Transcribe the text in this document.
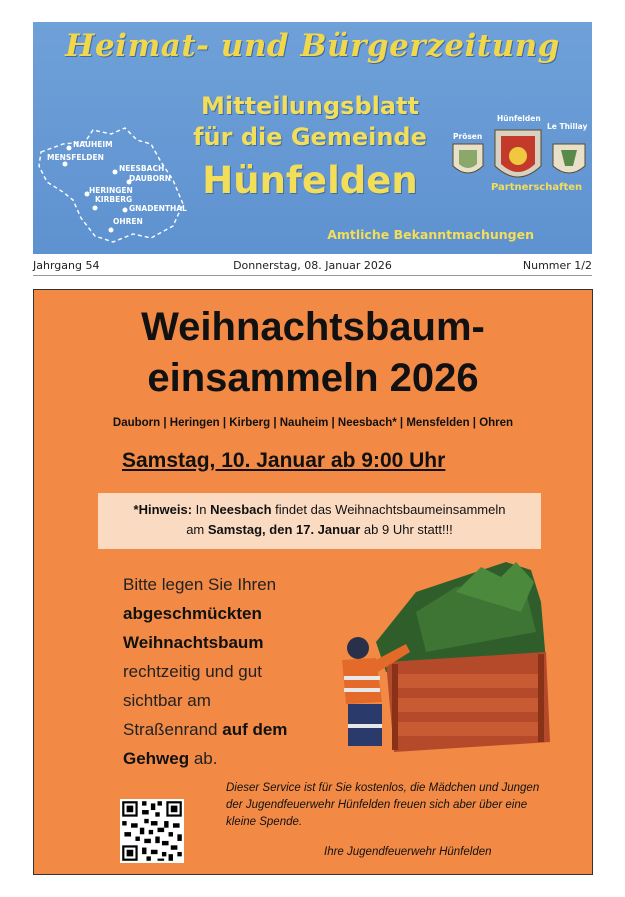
Heimat- und Bürgerzeitung
NAUHEIM
MENSFELDEN
NEESBACH
DAUBORN
HERINGEN
KIRBERG
GNADENTHAL
OHREN
Mitteilungsblatt
für die Gemeinde
Hünfelden
Prösen
Hünfelden
Le Thillay
Partnerschaften
Amtliche Bekanntmachungen
Donnerstag, 08. Januar 2026
Jahrgang 54	Nummer 1/2
Weihnachtsbaum-
einsammeln 2026
Dauborn | Heringen | Kirberg | Nauheim | Neesbach* | Mensfelden | Ohren
Samstag, 10. Januar ab 9:00 Uhr
*Hinweis: In Neesbach findet das Weihnachtsbaumeinsammeln
am Samstag, den 17. Januar ab 9 Uhr statt!!!
Bitte legen Sie Ihren
abgeschmückten
Weihnachtsbaum
rechtzeitig und gut
sichtbar am
Straßenrand auf dem
Gehweg ab.
Dieser Service ist für Sie kostenlos, die Mädchen und Jungen der Jugendfeuerwehr Hünfelden freuen sich aber über eine kleine Spende.
Ihre Jugendfeuerwehr Hünfelden
